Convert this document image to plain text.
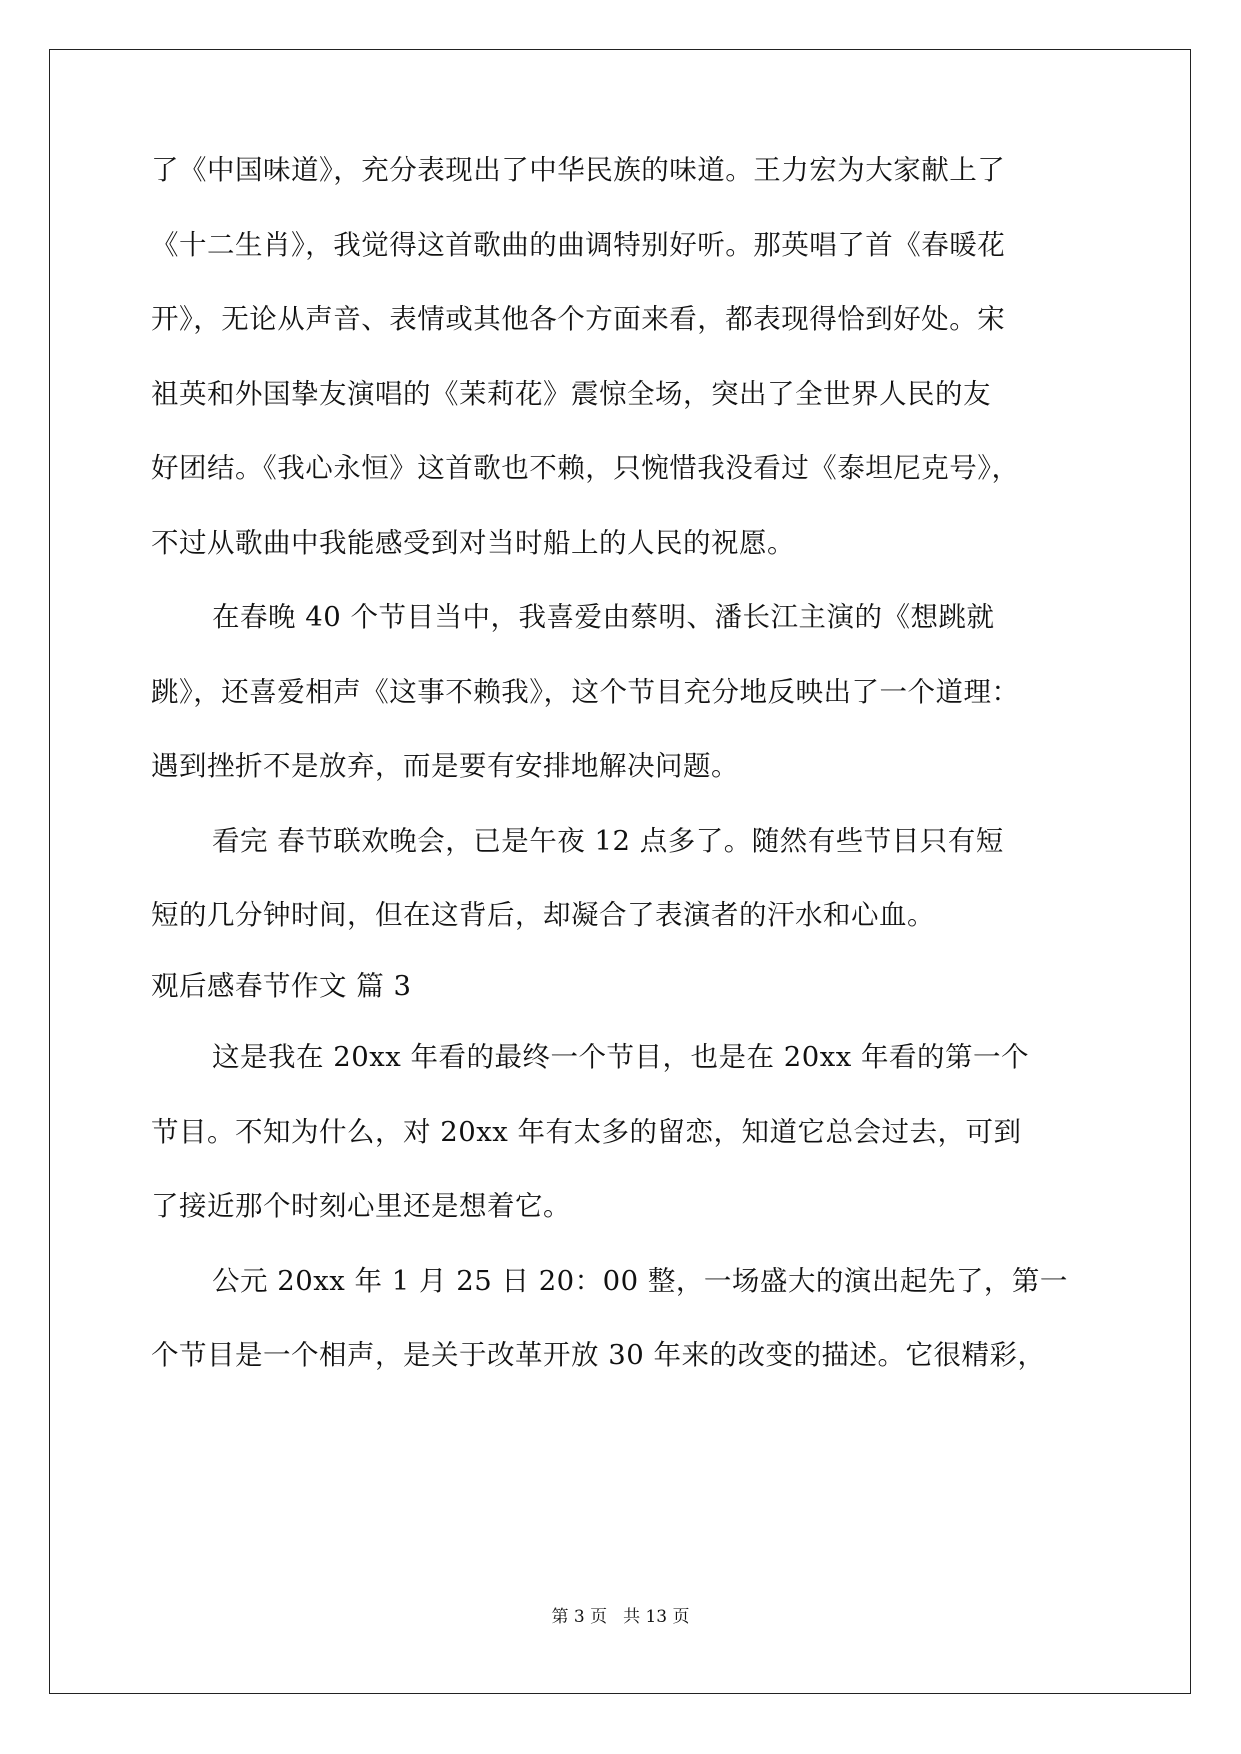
了《中国味道》，充分表现出了中华民族的味道。王力宏为大家献上了
《十二生肖》，我觉得这首歌曲的曲调特别好听。那英唱了首《春暖花
开》，无论从声音、表情或其他各个方面来看，都表现得恰到好处。宋
祖英和外国挚友演唱的《茉莉花》震惊全场，突出了全世界人民的友
好团结。《我心永恒》这首歌也不赖，只惋惜我没看过《泰坦尼克号》，
不过从歌曲中我能感受到对当时船上的人民的祝愿。
在春晚 40 个节目当中，我喜爱由蔡明、潘长江主演的《想跳就
跳》，还喜爱相声《这事不赖我》，这个节目充分地反映出了一个道理：
遇到挫折不是放弃，而是要有安排地解决问题。
看完 春节联欢晚会，已是午夜 12 点多了。随然有些节目只有短
短的几分钟时间，但在这背后，却凝合了表演者的汗水和心血。
观后感春节作文 篇 3
这是我在 20xx 年看的最终一个节目，也是在 20xx 年看的第一个
节目。不知为什么，对 20xx 年有太多的留恋，知道它总会过去，可到
了接近那个时刻心里还是想着它。
公元 20xx 年 1 月 25 日 20：00 整，一场盛大的演出起先了，第一
个节目是一个相声，是关于改革开放 30 年来的改变的描述。它很精彩，
第 3 页 共 13 页
